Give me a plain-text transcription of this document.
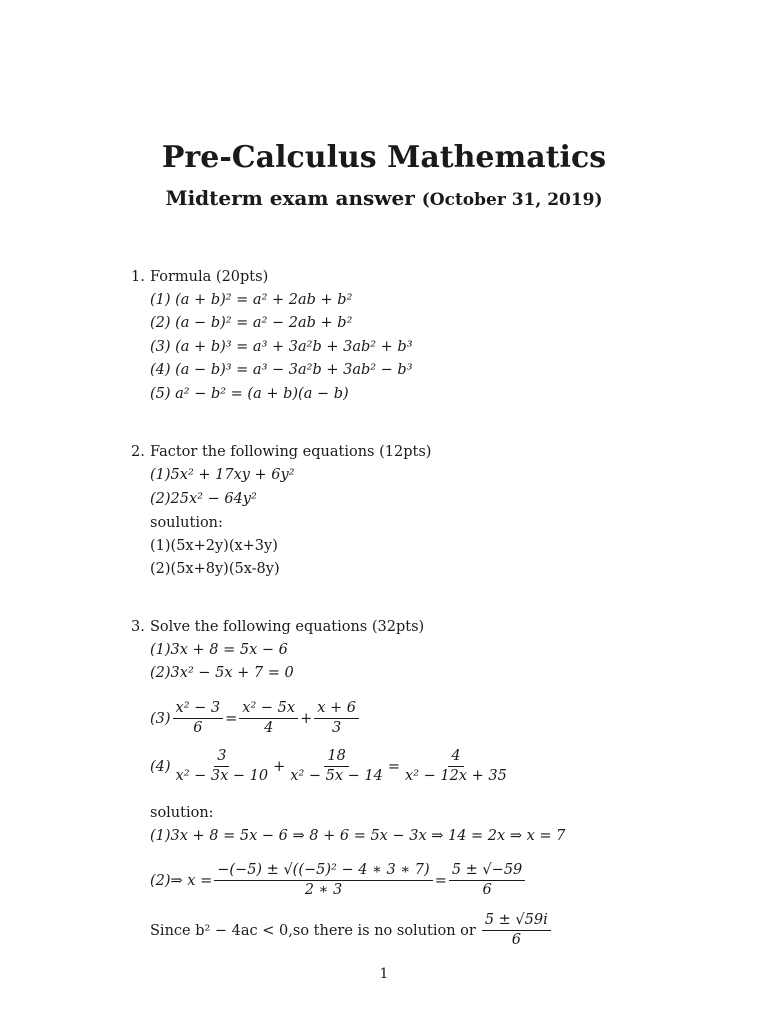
Pre-Calculus Mathematics
Midterm exam answer (October 31, 2019)
1. Formula (20pts)
(1) (a + b)² = a² + 2ab + b²
(2) (a − b)² = a² − 2ab + b²
(3) (a + b)³ = a³ + 3a²b + 3ab² + b³
(4) (a − b)³ = a³ − 3a²b + 3ab² − b³
(5) a² − b² = (a + b)(a − b)
2. Factor the following equations (12pts)
(1)5x² + 17xy + 6y²
(2)25x² − 64y²
soulution:
(1)(5x+2y)(x+3y)
(2)(5x+8y)(5x-8y)
3. Solve the following equations (32pts)
(1)3x + 8 = 5x − 6
(2)3x² − 5x + 7 = 0
$(3) \frac{\text{x² − 3}}{6} = \frac{\text{x² − 5x}}{4} + \frac{x + 6}{3}$
$(4) \frac{3}{\text{x² − 3x − 10}} + \frac{18}{\text{x² − 5x − 14}} = \frac{4}{\text{x² − 12x + 35}}$
solution:
(1)3x + 8 = 5x − 6 ⇒ 8 + 6 = 5x − 3x ⇒ 14 = 2x ⇒ x = 7
(2)⇒ $x = \frac{\text{−(−5) ± √((−5)² − 4 ∗ 3 ∗ 7)}}{2 ∗ 3} = \frac{5 \pm √-59}{6}$
Since b² − 4ac < 0,so there is no solution or $\frac{5 \pm √59i}{6}$
1
